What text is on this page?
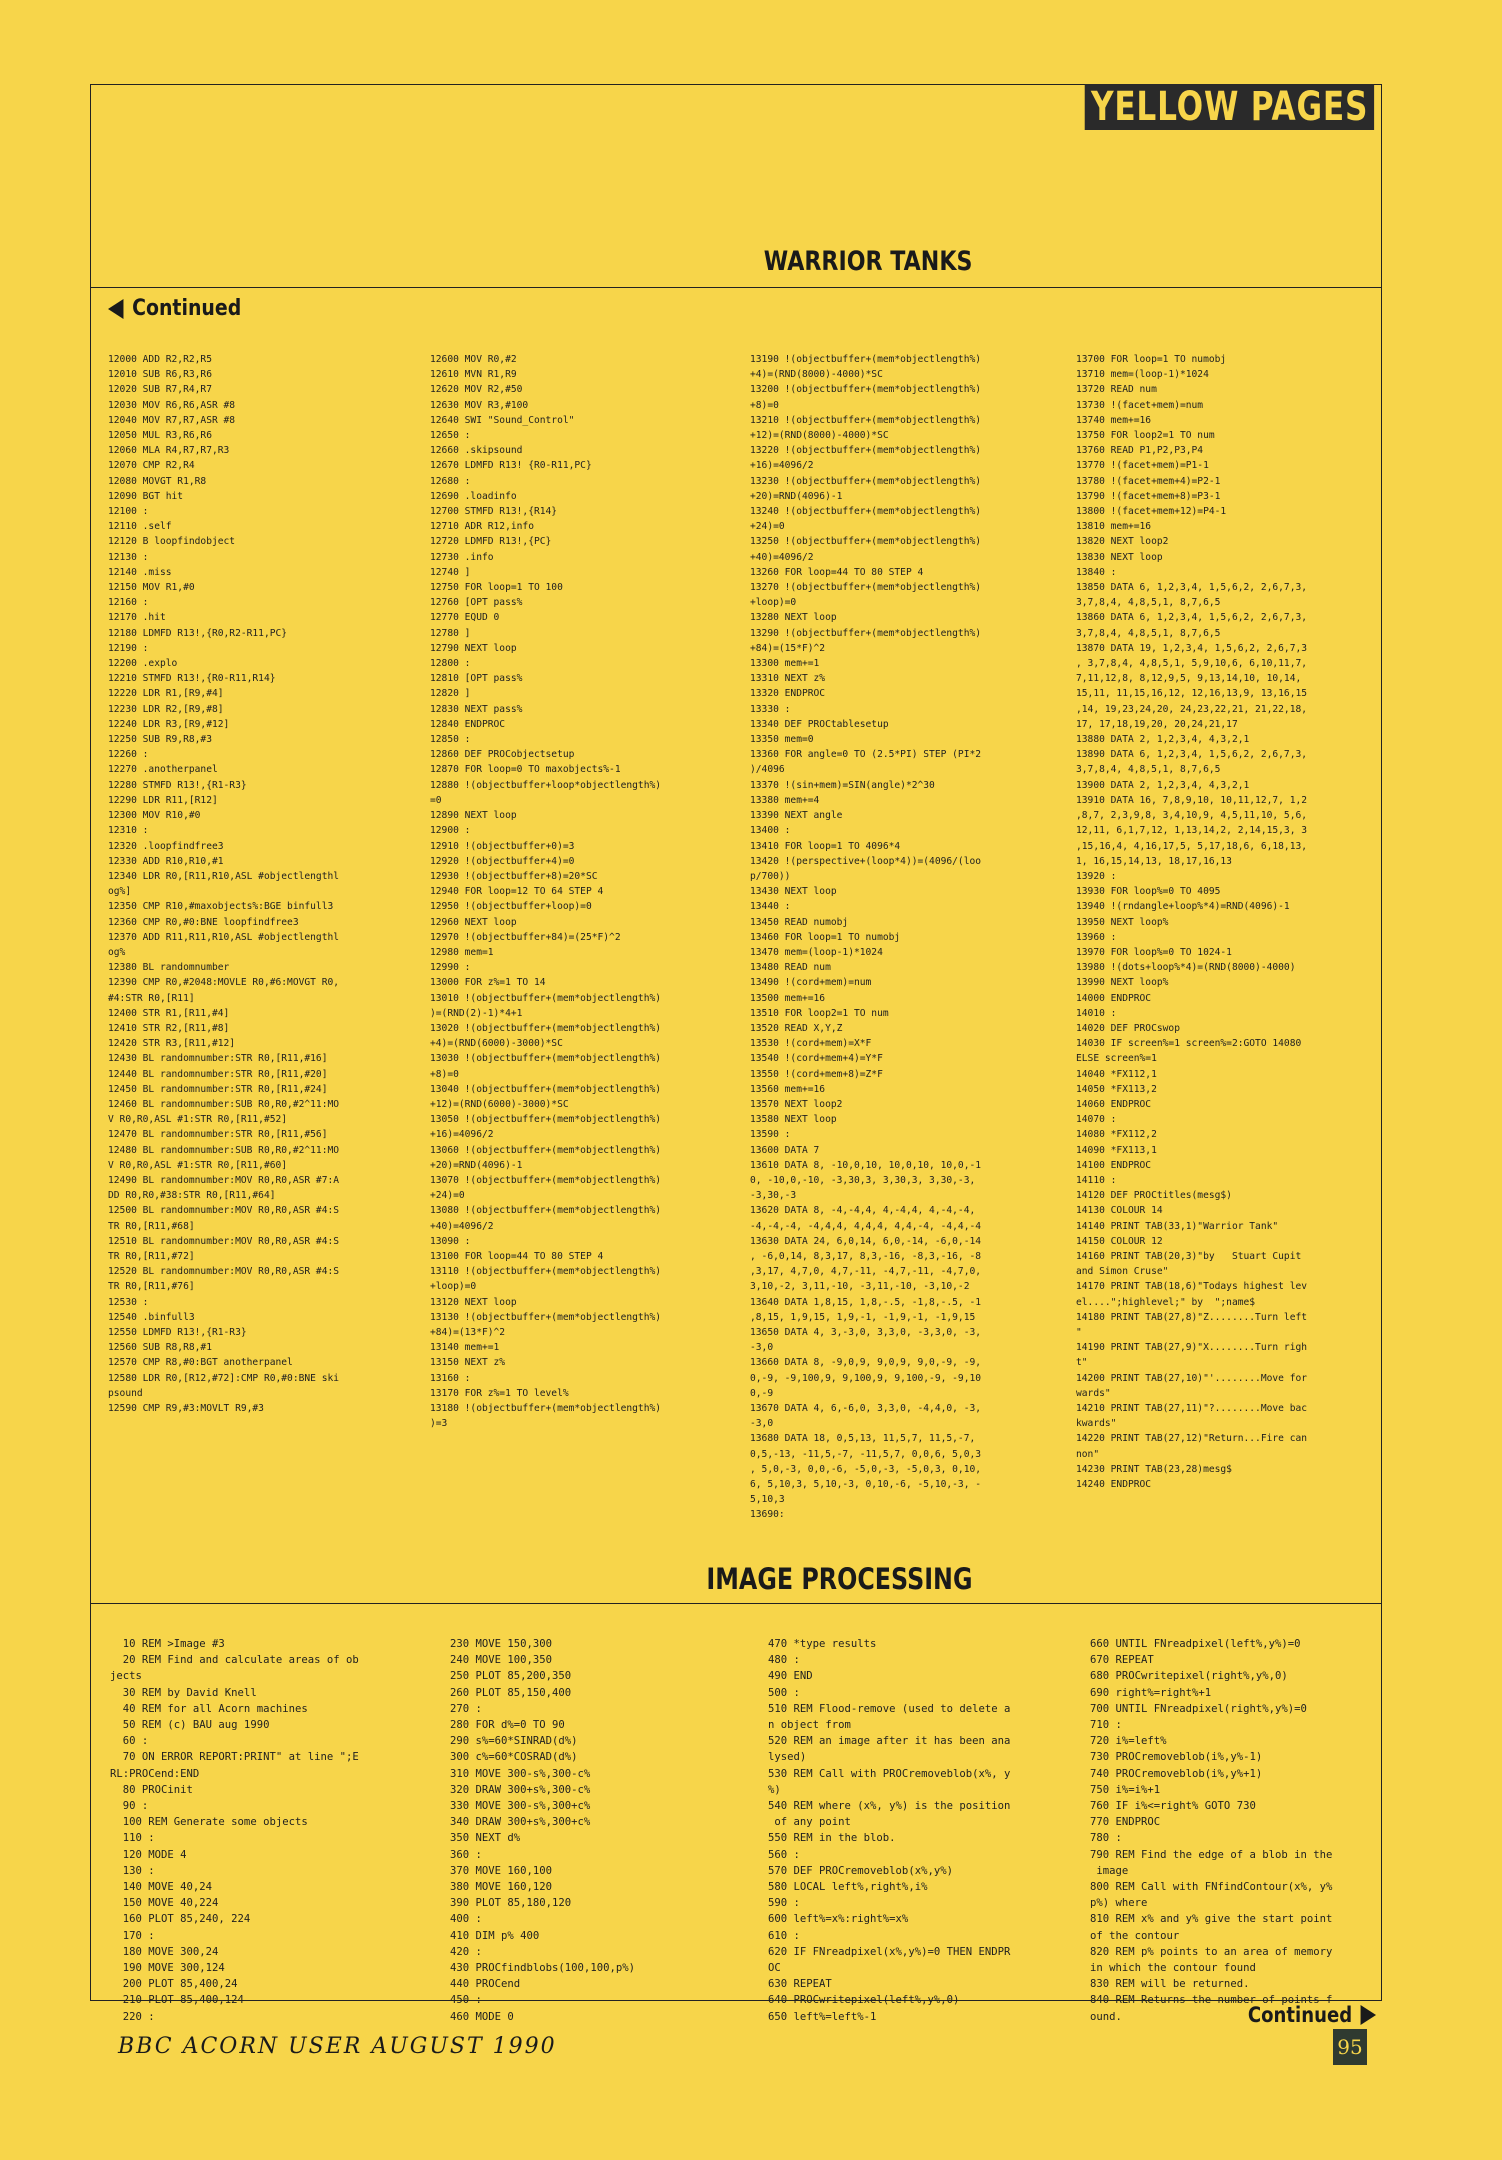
YELLOW PAGES
WARRIOR TANKS
Continued
12000 ADD R2,R2,R5
12010 SUB R6,R3,R6
12020 SUB R7,R4,R7
12030 MOV R6,R6,ASR #8
12040 MOV R7,R7,ASR #8
12050 MUL R3,R6,R6
12060 MLA R4,R7,R7,R3
12070 CMP R2,R4
12080 MOVGT R1,R8
12090 BGT hit
12100 :
12110 .self
12120 B loopfindobject
12130 :
12140 .miss
12150 MOV R1,#0
12160 :
12170 .hit
12180 LDMFD R13!,{R0,R2-R11,PC}
12190 :
12200 .explo
12210 STMFD R13!,{R0-R11,R14}
12220 LDR R1,[R9,#4]
12230 LDR R2,[R9,#8]
12240 LDR R3,[R9,#12]
12250 SUB R9,R8,#3
12260 :
12270 .anotherpanel
12280 STMFD R13!,{R1-R3}
12290 LDR R11,[R12]
12300 MOV R10,#0
12310 :
12320 .loopfindfree3
12330 ADD R10,R10,#1
12340 LDR R0,[R11,R10,ASL #objectlengthl
og%]
12350 CMP R10,#maxobjects%:BGE binfull3
12360 CMP R0,#0:BNE loopfindfree3
12370 ADD R11,R11,R10,ASL #objectlengthl
og%
12380 BL randomnumber
12390 CMP R0,#2048:MOVLE R0,#6:MOVGT R0,
#4:STR R0,[R11]
12400 STR R1,[R11,#4]
12410 STR R2,[R11,#8]
12420 STR R3,[R11,#12]
12430 BL randomnumber:STR R0,[R11,#16]
12440 BL randomnumber:STR R0,[R11,#20]
12450 BL randomnumber:STR R0,[R11,#24]
12460 BL randomnumber:SUB R0,R0,#2^11:MO
V R0,R0,ASL #1:STR R0,[R11,#52]
12470 BL randomnumber:STR R0,[R11,#56]
12480 BL randomnumber:SUB R0,R0,#2^11:MO
V R0,R0,ASL #1:STR R0,[R11,#60]
12490 BL randomnumber:MOV R0,R0,ASR #7:A
DD R0,R0,#38:STR R0,[R11,#64]
12500 BL randomnumber:MOV R0,R0,ASR #4:S
TR R0,[R11,#68]
12510 BL randomnumber:MOV R0,R0,ASR #4:S
TR R0,[R11,#72]
12520 BL randomnumber:MOV R0,R0,ASR #4:S
TR R0,[R11,#76]
12530 :
12540 .binfull3
12550 LDMFD R13!,{R1-R3}
12560 SUB R8,R8,#1
12570 CMP R8,#0:BGT anotherpanel
12580 LDR R0,[R12,#72]:CMP R0,#0:BNE ski
psound
12590 CMP R9,#3:MOVLT R9,#3
12600 MOV R0,#2
12610 MVN R1,R9
12620 MOV R2,#50
12630 MOV R3,#100
12640 SWI "Sound_Control"
12650 :
12660 .skipsound
12670 LDMFD R13! {R0-R11,PC}
12680 :
12690 .loadinfo
12700 STMFD R13!,{R14}
12710 ADR R12,info
12720 LDMFD R13!,{PC}
12730 .info
12740 ]
12750 FOR loop=1 TO 100
12760 [OPT pass%
12770 EQUD 0
12780 ]
12790 NEXT loop
12800 :
12810 [OPT pass%
12820 ]
12830 NEXT pass%
12840 ENDPROC
12850 :
12860 DEF PROCobjectsetup
12870 FOR loop=0 TO maxobjects%-1
12880 !(objectbuffer+loop*objectlength%)
=0
12890 NEXT loop
12900 :
12910 !(objectbuffer+0)=3
12920 !(objectbuffer+4)=0
12930 !(objectbuffer+8)=20*SC
12940 FOR loop=12 TO 64 STEP 4
12950 !(objectbuffer+loop)=0
12960 NEXT loop
12970 !(objectbuffer+84)=(25*F)^2
12980 mem=1
12990 :
13000 FOR z%=1 TO 14
13010 !(objectbuffer+(mem*objectlength%)
)=(RND(2)-1)*4+1
13020 !(objectbuffer+(mem*objectlength%)
+4)=(RND(6000)-3000)*SC
13030 !(objectbuffer+(mem*objectlength%)
+8)=0
13040 !(objectbuffer+(mem*objectlength%)
+12)=(RND(6000)-3000)*SC
13050 !(objectbuffer+(mem*objectlength%)
+16)=4096/2
13060 !(objectbuffer+(mem*objectlength%)
+20)=RND(4096)-1
13070 !(objectbuffer+(mem*objectlength%)
+24)=0
13080 !(objectbuffer+(mem*objectlength%)
+40)=4096/2
13090 :
13100 FOR loop=44 TO 80 STEP 4
13110 !(objectbuffer+(mem*objectlength%)
+loop)=0
13120 NEXT loop
13130 !(objectbuffer+(mem*objectlength%)
+84)=(13*F)^2
13140 mem+=1
13150 NEXT z%
13160 :
13170 FOR z%=1 TO level%
13180 !(objectbuffer+(mem*objectlength%)
)=3
13190 !(objectbuffer+(mem*objectlength%)
+4)=(RND(8000)-4000)*SC
13200 !(objectbuffer+(mem*objectlength%)
+8)=0
13210 !(objectbuffer+(mem*objectlength%)
+12)=(RND(8000)-4000)*SC
13220 !(objectbuffer+(mem*objectlength%)
+16)=4096/2
13230 !(objectbuffer+(mem*objectlength%)
+20)=RND(4096)-1
13240 !(objectbuffer+(mem*objectlength%)
+24)=0
13250 !(objectbuffer+(mem*objectlength%)
+40)=4096/2
13260 FOR loop=44 TO 80 STEP 4
13270 !(objectbuffer+(mem*objectlength%)
+loop)=0
13280 NEXT loop
13290 !(objectbuffer+(mem*objectlength%)
+84)=(15*F)^2
13300 mem+=1
13310 NEXT z%
13320 ENDPROC
13330 :
13340 DEF PROCtablesetup
13350 mem=0
13360 FOR angle=0 TO (2.5*PI) STEP (PI*2
)/4096
13370 !(sin+mem)=SIN(angle)*2^30
13380 mem+=4
13390 NEXT angle
13400 :
13410 FOR loop=1 TO 4096*4
13420 !(perspective+(loop*4))=(4096/(loo
p/700))
13430 NEXT loop
13440 :
13450 READ numobj
13460 FOR loop=1 TO numobj
13470 mem=(loop-1)*1024
13480 READ num
13490 !(cord+mem)=num
13500 mem+=16
13510 FOR loop2=1 TO num
13520 READ X,Y,Z
13530 !(cord+mem)=X*F
13540 !(cord+mem+4)=Y*F
13550 !(cord+mem+8)=Z*F
13560 mem+=16
13570 NEXT loop2
13580 NEXT loop
13590 :
13600 DATA 7
13610 DATA 8, -10,0,10, 10,0,10, 10,0,-1
0, -10,0,-10, -3,30,3, 3,30,3, 3,30,-3,
-3,30,-3
13620 DATA 8, -4,-4,4, 4,-4,4, 4,-4,-4,
-4,-4,-4, -4,4,4, 4,4,4, 4,4,-4, -4,4,-4
13630 DATA 24, 6,0,14, 6,0,-14, -6,0,-14
, -6,0,14, 8,3,17, 8,3,-16, -8,3,-16, -8
,3,17, 4,7,0, 4,7,-11, -4,7,-11, -4,7,0,
3,10,-2, 3,11,-10, -3,11,-10, -3,10,-2
13640 DATA 1,8,15, 1,8,-.5, -1,8,-.5, -1
,8,15, 1,9,15, 1,9,-1, -1,9,-1, -1,9,15
13650 DATA 4, 3,-3,0, 3,3,0, -3,3,0, -3,
-3,0
13660 DATA 8, -9,0,9, 9,0,9, 9,0,-9, -9,
0,-9, -9,100,9, 9,100,9, 9,100,-9, -9,10
0,-9
13670 DATA 4, 6,-6,0, 3,3,0, -4,4,0, -3,
-3,0
13680 DATA 18, 0,5,13, 11,5,7, 11,5,-7,
0,5,-13, -11,5,-7, -11,5,7, 0,0,6, 5,0,3
, 5,0,-3, 0,0,-6, -5,0,-3, -5,0,3, 0,10,
6, 5,10,3, 5,10,-3, 0,10,-6, -5,10,-3, -
5,10,3
13690:
13700 FOR loop=1 TO numobj
13710 mem=(loop-1)*1024
13720 READ num
13730 !(facet+mem)=num
13740 mem+=16
13750 FOR loop2=1 TO num
13760 READ P1,P2,P3,P4
13770 !(facet+mem)=P1-1
13780 !(facet+mem+4)=P2-1
13790 !(facet+mem+8)=P3-1
13800 !(facet+mem+12)=P4-1
13810 mem+=16
13820 NEXT loop2
13830 NEXT loop
13840 :
13850 DATA 6, 1,2,3,4, 1,5,6,2, 2,6,7,3,
3,7,8,4, 4,8,5,1, 8,7,6,5
13860 DATA 6, 1,2,3,4, 1,5,6,2, 2,6,7,3,
3,7,8,4, 4,8,5,1, 8,7,6,5
13870 DATA 19, 1,2,3,4, 1,5,6,2, 2,6,7,3
, 3,7,8,4, 4,8,5,1, 5,9,10,6, 6,10,11,7,
7,11,12,8, 8,12,9,5, 9,13,14,10, 10,14,
15,11, 11,15,16,12, 12,16,13,9, 13,16,15
,14, 19,23,24,20, 24,23,22,21, 21,22,18,
17, 17,18,19,20, 20,24,21,17
13880 DATA 2, 1,2,3,4, 4,3,2,1
13890 DATA 6, 1,2,3,4, 1,5,6,2, 2,6,7,3,
3,7,8,4, 4,8,5,1, 8,7,6,5
13900 DATA 2, 1,2,3,4, 4,3,2,1
13910 DATA 16, 7,8,9,10, 10,11,12,7, 1,2
,8,7, 2,3,9,8, 3,4,10,9, 4,5,11,10, 5,6,
12,11, 6,1,7,12, 1,13,14,2, 2,14,15,3, 3
,15,16,4, 4,16,17,5, 5,17,18,6, 6,18,13,
1, 16,15,14,13, 18,17,16,13
13920 :
13930 FOR loop%=0 TO 4095
13940 !(rndangle+loop%*4)=RND(4096)-1
13950 NEXT loop%
13960 :
13970 FOR loop%=0 TO 1024-1
13980 !(dots+loop%*4)=(RND(8000)-4000)
13990 NEXT loop%
14000 ENDPROC
14010 :
14020 DEF PROCswop
14030 IF screen%=1 screen%=2:GOTO 14080
ELSE screen%=1
14040 *FX112,1
14050 *FX113,2
14060 ENDPROC
14070 :
14080 *FX112,2
14090 *FX113,1
14100 ENDPROC
14110 :
14120 DEF PROCtitles(mesg$)
14130 COLOUR 14
14140 PRINT TAB(33,1)"Warrior Tank"
14150 COLOUR 12
14160 PRINT TAB(20,3)"by   Stuart Cupit
and Simon Cruse"
14170 PRINT TAB(18,6)"Todays highest lev
el....";highlevel;" by  ";name$
14180 PRINT TAB(27,8)"Z........Turn left
"
14190 PRINT TAB(27,9)"X........Turn righ
t"
14200 PRINT TAB(27,10)"'........Move for
wards"
14210 PRINT TAB(27,11)"?........Move bac
kwards"
14220 PRINT TAB(27,12)"Return...Fire can
non"
14230 PRINT TAB(23,28)mesg$
14240 ENDPROC
IMAGE PROCESSING
10 REM >Image #3
20 REM Find and calculate areas of ob
jects
30 REM by David Knell
40 REM for all Acorn machines
50 REM (c) BAU aug 1990
60 :
70 ON ERROR REPORT:PRINT" at line ";E
RL:PROCend:END
80 PROCinit
90 :
100 REM Generate some objects
110 :
120 MODE 4
130 :
140 MOVE 40,24
150 MOVE 40,224
160 PLOT 85,240, 224
170 :
180 MOVE 300,24
190 MOVE 300,124
200 PLOT 85,400,24
210 PLOT 85,400,124
220 :
230 MOVE 150,300
240 MOVE 100,350
250 PLOT 85,200,350
260 PLOT 85,150,400
270 :
280 FOR d%=0 TO 90
290 s%=60*SINRAD(d%)
300 c%=60*COSRAD(d%)
310 MOVE 300-s%,300-c%
320 DRAW 300+s%,300-c%
330 MOVE 300-s%,300+c%
340 DRAW 300+s%,300+c%
350 NEXT d%
360 :
370 MOVE 160,100
380 MOVE 160,120
390 PLOT 85,180,120
400 :
410 DIM p% 400
420 :
430 PROCfindblobs(100,100,p%)
440 PROCend
450 :
460 MODE 0
470 *type results
480 :
490 END
500 :
510 REM Flood-remove (used to delete a
n object from
520 REM an image after it has been ana
lysed)
530 REM Call with PROCremoveblob(x%, y
%)
540 REM where (x%, y%) is the position
of any point
550 REM in the blob.
560 :
570 DEF PROCremoveblob(x%,y%)
580 LOCAL left%,right%,i%
590 :
600 left%=x%:right%=x%
610 :
620 IF FNreadpixel(x%,y%)=0 THEN ENDPR
OC
630 REPEAT
640 PROCwritepixel(left%,y%,0)
650 left%=left%-1
660 UNTIL FNreadpixel(left%,y%)=0
670 REPEAT
680 PROCwritepixel(right%,y%,0)
690 right%=right%+1
700 UNTIL FNreadpixel(right%,y%)=0
710 :
720 i%=left%
730 PROCremoveblob(i%,y%-1)
740 PROCremoveblob(i%,y%+1)
750 i%=i%+1
760 IF i%<=right% GOTO 730
770 ENDPROC
780 :
790 REM Find the edge of a blob in the
image
800 REM Call with FNfindContour(x%, y%
p%) where
810 REM x% and y% give the start point
of the contour
820 REM p% points to an area of memory
in which the contour found
830 REM will be returned.
840 REM Returns the number of points f
ound.	Continued
BBC ACORN USER AUGUST 1990	95
